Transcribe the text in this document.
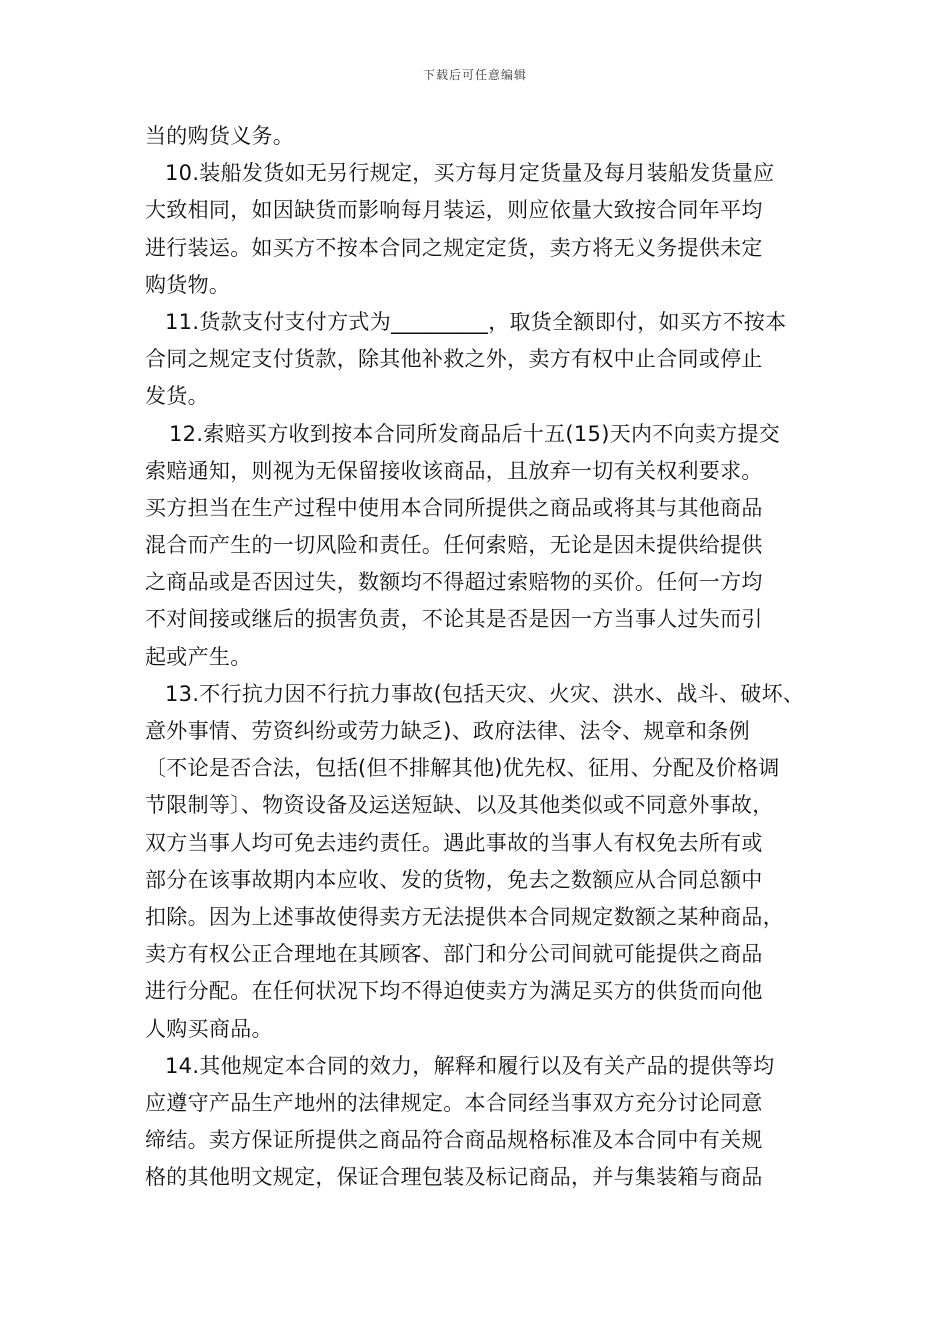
下载后可任意编辑
当的购货义务。
10.装船发货如无另行规定，买方每月定货量及每月装船发货量应
大致相同，如因缺货而影响每月装运，则应依量大致按合同年平均
进行装运。如买方不按本合同之规定定货，卖方将无义务提供未定
购货物。
11.货款支付支付方式为_________，取货全额即付，如买方不按本
合同之规定支付货款，除其他补救之外，卖方有权中止合同或停止
发货。
12.索赔买方收到按本合同所发商品后十五(15)天内不向卖方提交
索赔通知，则视为无保留接收该商品，且放弃一切有关权利要求。
买方担当在生产过程中使用本合同所提供之商品或将其与其他商品
混合而产生的一切风险和责任。任何索赔，无论是因未提供给提供
之商品或是否因过失，数额均不得超过索赔物的买价。任何一方均
不对间接或继后的损害负责，不论其是否是因一方当事人过失而引
起或产生。
13.不行抗力因不行抗力事故(包括天灾、火灾、洪水、战斗、破坏、
意外事情、劳资纠纷或劳力缺乏)、政府法律、法令、规章和条例
〔不论是否合法，包括(但不排解其他)优先权、征用、分配及价格调
节限制等〕、物资设备及运送短缺、以及其他类似或不同意外事故，
双方当事人均可免去违约责任。遇此事故的当事人有权免去所有或
部分在该事故期内本应收、发的货物，免去之数额应从合同总额中
扣除。因为上述事故使得卖方无法提供本合同规定数额之某种商品，
卖方有权公正合理地在其顾客、部门和分公司间就可能提供之商品
进行分配。在任何状况下均不得迫使卖方为满足买方的供货而向他
人购买商品。
14.其他规定本合同的效力，解释和履行以及有关产品的提供等均
应遵守产品生产地州的法律规定。本合同经当事双方充分讨论同意
缔结。卖方保证所提供之商品符合商品规格标准及本合同中有关规
格的其他明文规定，保证合理包装及标记商品，并与集装箱与商品
